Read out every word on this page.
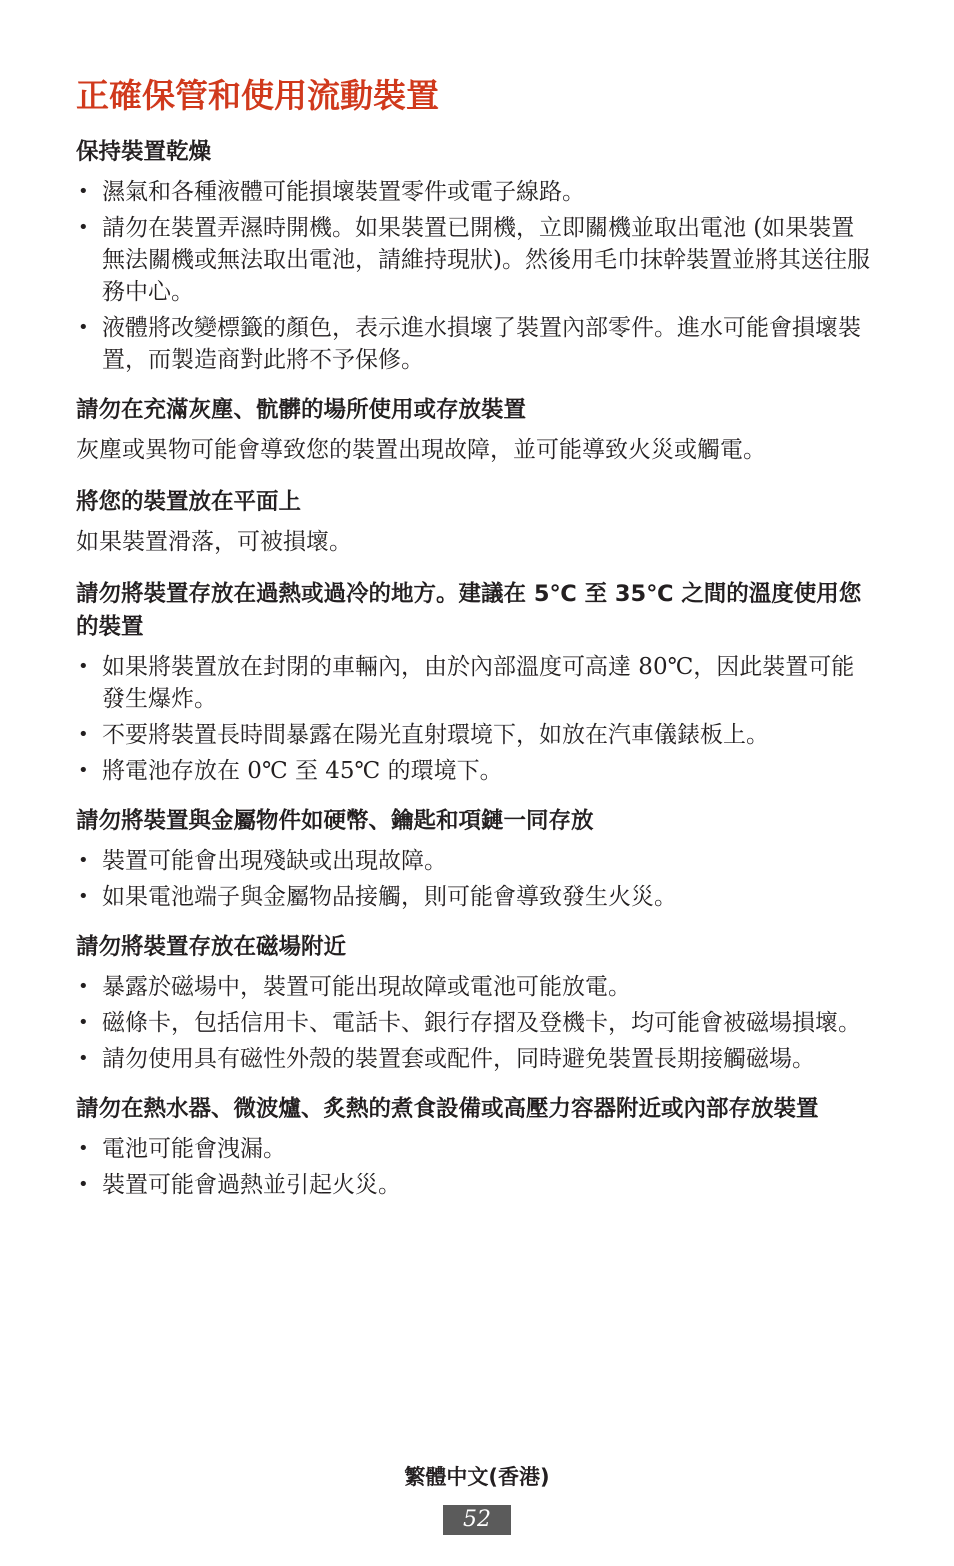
正確保管和使用流動裝置
保持裝置乾燥
• 濕氣和各種液體可能損壞裝置零件或電子線路。
• 請勿在裝置弄濕時開機。如果裝置已開機，立即關機並取出電池 (如果裝置無法關機或無法取出電池，請維持現狀)。然後用毛巾抹幹裝置並將其送往服務中心。
• 液體將改變標籤的顏色，表示進水損壞了裝置內部零件。進水可能會損壞裝置，而製造商對此將不予保修。
請勿在充滿灰塵、骯髒的場所使用或存放裝置

灰塵或異物可能會導致您的裝置出現故障，並可能導致火災或觸電。

將您的裝置放在平面上

如果裝置滑落，可被損壞。

請勿將裝置存放在過熱或過冷的地方。建議在 5℃ 至 35℃ 之間的溫度使用您的裝置
• 如果將裝置放在封閉的車輛內，由於內部溫度可高達 80℃，因此裝置可能發生爆炸。
• 不要將裝置長時間暴露在陽光直射環境下，如放在汽車儀錶板上。
• 將電池存放在 0℃ 至 45℃ 的環境下。
請勿將裝置與金屬物件如硬幣、鑰匙和項鏈一同存放
• 裝置可能會出現殘缺或出現故障。
• 如果電池端子與金屬物品接觸，則可能會導致發生火災。
請勿將裝置存放在磁場附近
• 暴露於磁場中，裝置可能出現故障或電池可能放電。
• 磁條卡，包括信用卡、電話卡、銀行存摺及登機卡，均可能會被磁場損壞。
• 請勿使用具有磁性外殼的裝置套或配件，同時避免裝置長期接觸磁場。
請勿在熱水器、微波爐、炙熱的煮食設備或高壓力容器附近或內部存放裝置
• 電池可能會洩漏。
• 裝置可能會過熱並引起火災。
繁體中文(香港)
52
